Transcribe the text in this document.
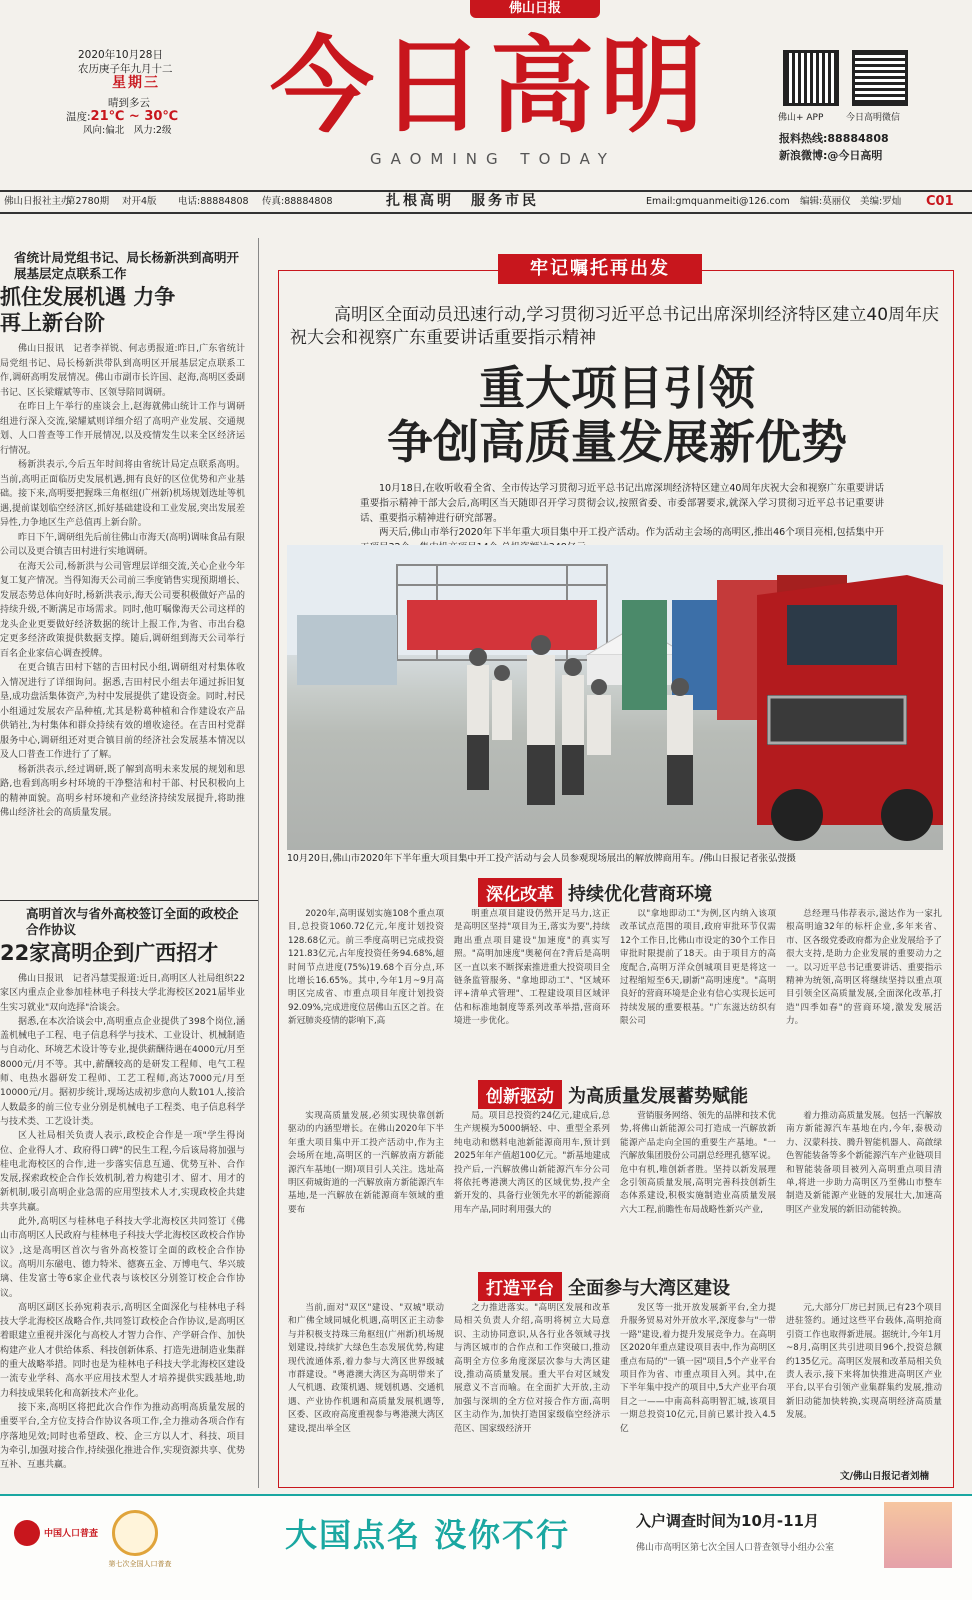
佛山日报
2020年10月28日
农历庚子年九月十二
星期三
晴到多云
温度:21℃ ~ 30℃
风向:偏北　风力:2级 今日高明
GAOMING TODAY
佛山+ APP	今日高明微信
报料热线:88884808
新浪微博:@今日高明
佛山日报社主办
第2780期 对开4版 电话:88884808 传真:88884808	扎根高明　服务市民	Email:gmquanmeiti@126.com 编辑:莫丽仪 美编:罗灿 C01
省统计局党组书记、局长杨新洪到高明开展基层定点联系工作
抓住发展机遇 力争再上新台阶

佛山日报讯　记者李祥锐、何志勇报道:昨日,广东省统计局党组书记、局长杨新洪带队到高明区开展基层定点联系工作,调研高明发展情况。佛山市副市长许国、赵海,高明区委副书记、区长梁耀斌等市、区领导陪同调研。

在昨日上午举行的座谈会上,赵海就佛山统计工作与调研组进行深入交流,梁耀斌则详细介绍了高明产业发展、交通规划、人口普查等工作开展情况,以及疫情发生以来全区经济运行情况。

杨新洪表示,今后五年时间将由省统计局定点联系高明。当前,高明正面临历史发展机遇,拥有良好的区位优势和产业基础。接下来,高明要把握珠三角枢纽(广州新)机场规划选址等机遇,提前谋划临空经济区,抓好基础建设和工业发展,突出发展差异性,力争地区生产总值再上新台阶。

昨日下午,调研组先后前往佛山市海天(高明)调味食品有限公司以及更合镇吉田村进行实地调研。

在海天公司,杨新洪与公司管理层详细交流,关心企业今年复工复产情况。当得知海天公司前三季度销售实现预期增长、发展态势总体向好时,杨新洪表示,海天公司要积极做好产品的持续升级,不断满足市场需求。同时,他叮嘱像海天公司这样的龙头企业更要做好经济数据的统计上报工作,为省、市出台稳定更多经济政策提供数据支撑。随后,调研组到海天公司举行百名企业家信心调查授牌。

在更合镇吉田村下辖的吉田村民小组,调研组对村集体收入情况进行了详细询问。据悉,吉田村民小组去年通过拆旧复垦,成功盘活集体资产,为村中发展提供了建设资金。同时,村民小组通过发展农产品种植,尤其是粉葛种植和合作建设农产品供销社,为村集体和群众持续有效的增收途径。在吉田村党群服务中心,调研组还对更合镇目前的经济社会发展基本情况以及人口普查工作进行了了解。

杨新洪表示,经过调研,既了解到高明未来发展的规划和思路,也看到高明乡村环境的干净整洁和村干部、村民积极向上的精神面貌。高明乡村环境和产业经济持续发展提升,将助推佛山经济社会的高质量发展。

高明首次与省外高校签订全面的政校企合作协议
22家高明企到广西招才

佛山日报讯　记者冯慧雯报道:近日,高明区人社局组织22家区内重点企业参加桂林电子科技大学北海校区2021届毕业生实习就业"双向选择"洽谈会。

据悉,在本次洽谈会中,高明重点企业提供了398个岗位,涵盖机械电子工程、电子信息科学与技术、工业设计、机械制造与自动化、环境艺术设计等专业,提供薪酬待遇在4000元/月至8000元/月不等。其中,薪酬较高的是研发工程师、电气工程师、电热水器研发工程师、工艺工程师,高达7000元/月至10000元/月。据初步统计,现场达成初步意向人数101人,接洽人数最多的前三位专业分别是机械电子工程类、电子信息科学与技术类、工艺设计类。

区人社局相关负责人表示,政校企合作是一项"学生得岗位、企业得人才、政府得口碑"的民生工程,今后该局将加强与桂电北海校区的合作,进一步落实信息互通、优势互补、合作发展,探索政校企合作长效机制,着力构建引才、留才、用才的新机制,吸引高明企业急需的应用型技术人才,实现政校企共建共享共赢。

此外,高明区与桂林电子科技大学北海校区共同签订《佛山市高明区人民政府与桂林电子科技大学北海校区政校合作协议》,这是高明区首次与省外高校签订全面的政校企合作协议。高明川东磁电、德力特米、德赛五金、万博电气、华兴玻璃、佳发富士等6家企业代表与该校区分别签订校企合作协议。

高明区副区长孙宛莉表示,高明区全面深化与桂林电子科技大学北海校区战略合作,共同签订政校企合作协议,是高明区着眼建立重视并深化与高校人才智力合作、产学研合作、加快构建产业人才供给体系、科技创新体系、打造先进制造业集群的重大战略举措。同时也是为桂林电子科技大学北海校区建设一流专业学科、高水平应用技术型人才培养提供实践基地,助力科技成果转化和高新技术产业化。

接下来,高明区将把此次合作作为推动高明高质量发展的重要平台,全方位支持合作协议各项工作,全力推动各项合作有序落地见效;同时也希望政、校、企三方以人才、科技、项目为牵引,加强对接合作,持续强化推进合作,实现资源共享、优势互补、互惠共赢。

牢记嘱托再出发
高明区全面动员迅速行动,学习贯彻习近平总书记出席深圳经济特区建立40周年庆祝大会和视察广东重要讲话重要指示精神
重大项目引领
争创高质量发展新优势

10月18日,在收听收看全省、全市传达学习贯彻习近平总书记出席深圳经济特区建立40周年庆祝大会和视察广东重要讲话重要指示精神干部大会后,高明区当天随即召开学习贯彻会议,按照省委、市委部署要求,就深入学习贯彻习近平总书记重要讲话、重要指示精神进行研究部署。

两天后,佛山市举行2020年下半年重大项目集中开工投产活动。作为活动主会场的高明区,推出46个项目亮相,包括集中开

10月20日,佛山市2020年下半年重大项目集中开工投产活动与会人员参观现场展出的解放牌商用车。/佛山日报记者张弘弢摄
深化改革 持续优化营商环境
2020年,高明谋划实施108个重点项目,总投资1060.72亿元,年度计划投资128.68亿元。前三季度高明已完成投资121.83亿元,占年度投资任务94.68%,超时间节点进度(75%)19.68个百分点,环比增长16.65%。其中,今年1月~9月高明区完成省、市重点项目年度计划投资92.09%,完成进度位居佛山五区之首。在新冠肺炎疫情的影响下,高
明重点项目建设仍然开足马力,这正是高明区坚持"项目为王,落实为要",持续跑出重点项目建设"加速度"的真实写照。"高明加速度"奥秘何在?背后是高明区一直以来不断探索推进重大投资项目全链条监管服务、"拿地即动工"、"区域环评+清单式管理"、工程建设项目区域评估和标准地制度等系列改革举措,营商环境进一步优化。
以"拿地即动工"为例,区内纳入该项改革试点范围的项目,政府审批环节仅需12个工作日,比佛山市设定的30个工作日审批时限提前了18天。由于项目方的高度配合,高明万洋众创城项目更是将这一过程缩短至6天,刷新"高明速度"。"高明良好的营商环境是企业有信心实现长远可持续发展的重要根基。"广东滋达纺织有限公司
总经理马伟荐表示,滋达作为一家扎根高明逾32年的标杆企业,多年来省、市、区各级党委政府都为企业发展给予了很大支持,是助力企业发展的重要动力之一。以习近平总书记重要讲话、重要指示精神为统领,高明区将继续坚持以重点项目引领全区高质量发展,全面深化改革,打造"四季如春"的营商环境,激发发展活力。
创新驱动 为高质量发展蓄势赋能
实现高质量发展,必须实现快靠创新驱动的内涵型增长。在佛山2020年下半年重大项目集中开工投产活动中,作为主会场所在地,高明区的一汽解放南方新能源汽车基地(一期)项目引人关注。选址高明区荷城街道的一汽解放南方新能源汽车基地,是一汽解放在新能源商车领域的重要布
局。项目总投资约24亿元,建成后,总生产规模为5000辆轻、中、重型全系列纯电动和燃料电池新能源商用车,预计到2025年年产值超100亿元。"新基地建成投产后,一汽解放佛山新能源汽车分公司将依托粤港澳大湾区的区域优势,投产全新开发的、具备行业领先水平的新能源商用车产品,同时利用强大的
营销服务网络、领先的品牌和技术优势,将佛山新能源公司打造成一汽解放新能源产品走向全国的重要生产基地。"一汽解放集团股份公司副总经理孔德军说。危中有机,唯创新者胜。坚持以新发展理念引领高质量发展,高明完善科技创新生态体系建设,积极实施制造业高质量发展六大工程,前瞻性布局战略性新兴产业,
着力推动高质量发展。包括一汽解放南方新能源汽车基地在内,今年,泰极动力、汉蒙科技、腾升智能机器人、高啟绿色智能装备等多个新能源汽车产业链项目和智能装备项目被列入高明重点项目清单,将进一步助力高明区乃至佛山市整车制造及新能源产业链的发展壮大,加速高明区产业发展的新旧动能转换。
打造平台 全面参与大湾区建设
当前,面对"双区"建设、"双城"联动和广佛全域同城化机遇,高明区正主动参与并积极支持珠三角枢纽(广州新)机场规划建设,持续扩大绿色生态发展优势,构建现代流通体系,着力参与大湾区世界级城市群建设。"粤港澳大湾区为高明带来了人气机遇、政策机遇、规划机遇、交通机遇、产业协作机遇和高质量发展机遇等,区委、区政府高度重视参与粤港澳大湾区建设,提出举全区
之力推进落实。"高明区发展和改革局相关负责人介绍,高明将树立大局意识、主动协同意识,从各行业各领域寻找与湾区城市的合作点和工作突破口,推动高明全方位多角度深层次参与大湾区建设,推动高质量发展。重大平台对区域发展意义不言而喻。在全面扩大开放,主动加强与深圳的全方位对接合作方面,高明区主动作为,加快打造国家级临空经济示范区、国家级经济开
发区等一批开放发展新平台,全力提升服务贸易对外开放水平,深度参与"一带一路"建设,着力提升发展竞争力。在高明区2020年重点建设项目表中,作为高明区重点布局的"一镇一园"项目,5个产业平台项目作为省、市重点项目入列。其中,在下半年集中投产的项目中,5大产业平台项目之一——中南高科高明智汇城,该项目一期总投资10亿元,目前已累计投入4.5亿
元,大部分厂房已封顶,已有23个项目进驻签约。通过这些平台载体,高明抢商引资工作也取得新进展。据统计,今年1月~8月,高明区共引进项目96个,投资总额约135亿元。高明区发展和改革局相关负责人表示,接下来将加快推进高明区产业平台,以平台引领产业集群集约发展,推动新旧动能加快转换,实现高明经济高质量发展。
文/佛山日报记者刘楠
中国人口普查
第七次全国人口普查
大国点名 没你不行	入户调查时间为10月-11月
佛山市高明区第七次全国人口普查领导小组办公室
